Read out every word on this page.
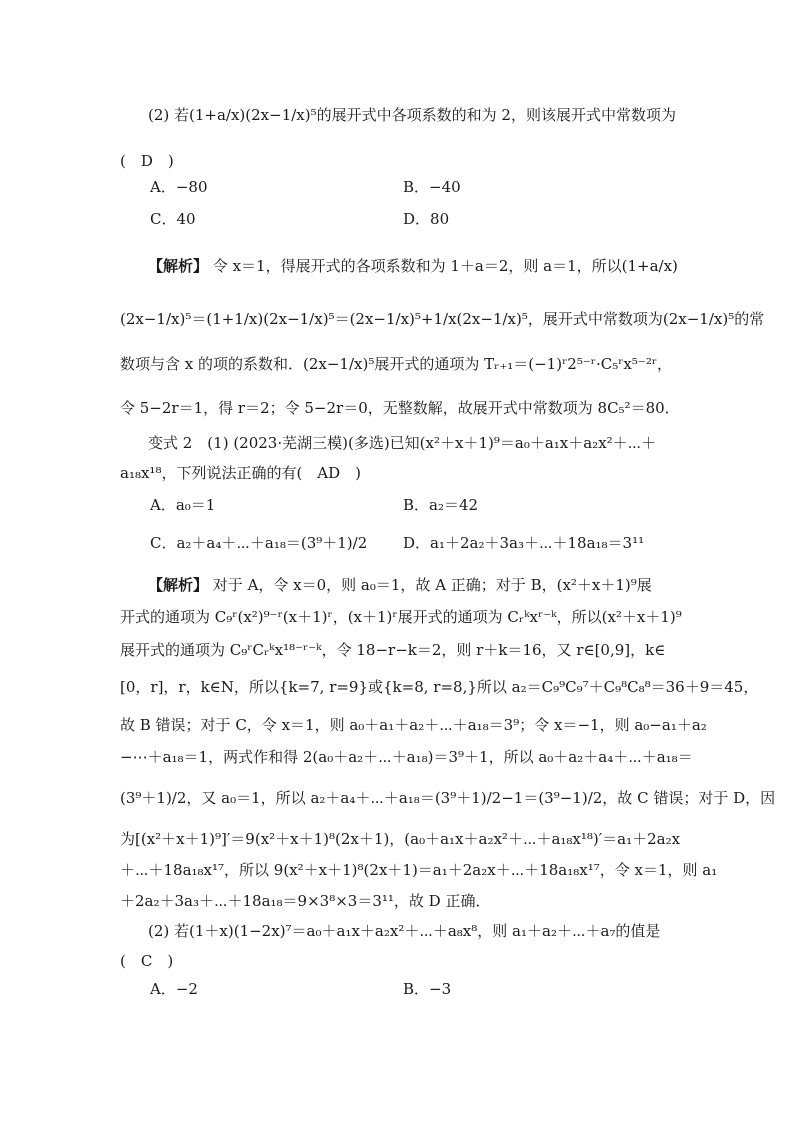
(2) 若(1+a/x)(2x−1/x)⁵的展开式中各项系数的和为 2，则该展开式中常数项为
(　D　)
A．−80	B．−40
C．40	D．80
【解析】 令 x＝1，得展开式的各项系数和为 1＋a＝2，则 a＝1，所以(1+a/x)
(2x−1/x)⁵＝(1+1/x)(2x−1/x)⁵＝(2x−1/x)⁵+1/x(2x−1/x)⁵，展开式中常数项为(2x−1/x)⁵的常
数项与含 x 的项的系数和．(2x−1/x)⁵展开式的通项为 Tᵣ₊₁＝(−1)ʳ2⁵⁻ʳ·C₅ʳx⁵⁻²ʳ，
令 5−2r＝1，得 r＝2；令 5−2r＝0，无整数解，故展开式中常数项为 8C₅²＝80．
变式 2　(1) (2023·芜湖三模)(多选)已知(x²＋x＋1)⁹＝a₀＋a₁x＋a₂x²＋⋯＋
a₁₈x¹⁸，下列说法正确的有(　AD　)
A．a₀＝1	B．a₂＝42
C．a₂＋a₄＋⋯＋a₁₈＝(3⁹＋1)/2 D．a₁＋2a₂＋3a₃＋⋯＋18a₁₈＝3¹¹
【解析】 对于 A，令 x＝0，则 a₀＝1，故 A 正确；对于 B，(x²＋x＋1)⁹展
开式的通项为 C₉ʳ(x²)⁹⁻ʳ(x＋1)ʳ，(x＋1)ʳ展开式的通项为 Cᵣᵏxʳ⁻ᵏ，所以(x²＋x＋1)⁹
展开式的通项为 C₉ʳCᵣᵏx¹⁸⁻ʳ⁻ᵏ，令 18−r−k＝2，则 r＋k＝16，又 r∈[0,9]，k∈
[0，r]，r，k∈N，所以{k=7, r=9}或{k=8, r=8,}所以 a₂＝C₉⁹C₉⁷＋C₉⁸C₈⁸＝36＋9＝45，
故 B 错误；对于 C，令 x＝1，则 a₀＋a₁＋a₂＋⋯＋a₁₈＝3⁹；令 x＝−1，则 a₀−a₁＋a₂
−⋯＋a₁₈＝1，两式作和得 2(a₀＋a₂＋⋯＋a₁₈)＝3⁹＋1，所以 a₀＋a₂＋a₄＋⋯＋a₁₈＝
(3⁹＋1)/2，又 a₀＝1，所以 a₂＋a₄＋⋯＋a₁₈＝(3⁹＋1)/2−1＝(3⁹−1)/2，故 C 错误；对于 D，因
为[(x²＋x＋1)⁹]′＝9(x²＋x＋1)⁸(2x＋1)，(a₀＋a₁x＋a₂x²＋⋯＋a₁₈x¹⁸)′＝a₁＋2a₂x
＋⋯＋18a₁₈x¹⁷，所以 9(x²＋x＋1)⁸(2x＋1)＝a₁＋2a₂x＋⋯＋18a₁₈x¹⁷，令 x＝1，则 a₁
＋2a₂＋3a₃＋⋯＋18a₁₈＝9×3⁸×3＝3¹¹，故 D 正确．
(2) 若(1＋x)(1−2x)⁷＝a₀＋a₁x＋a₂x²＋⋯＋a₈x⁸，则 a₁＋a₂＋⋯＋a₇的值是
(　C　)
A．−2	B．−3
